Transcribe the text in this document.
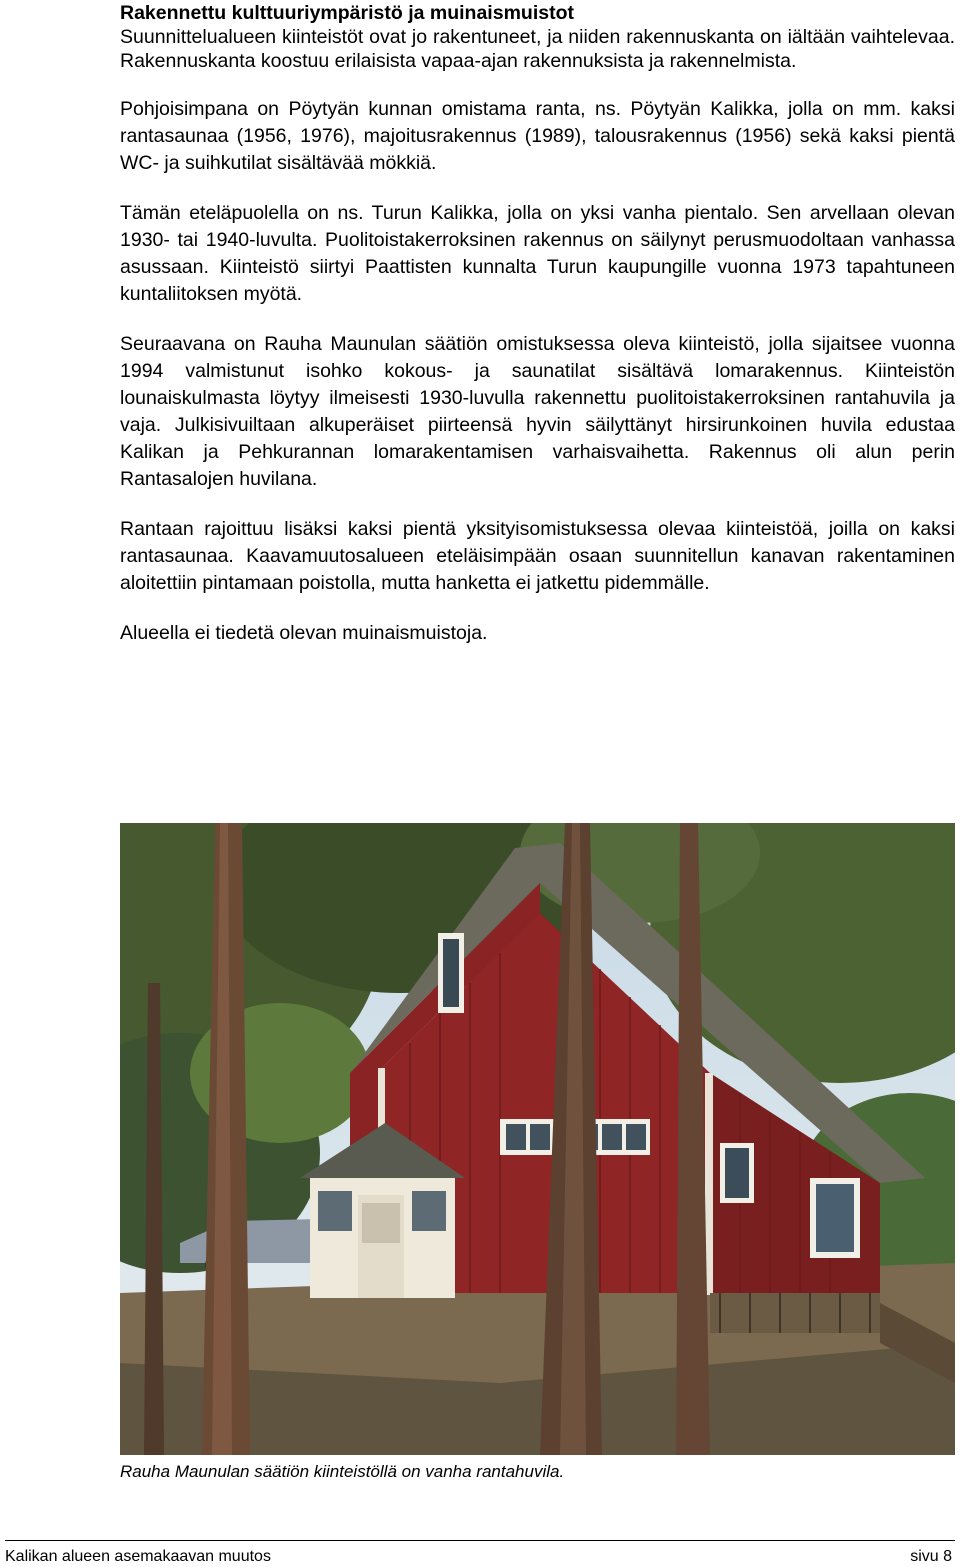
Rakennettu kulttuuriympäristö ja muinaismuistot

Suunnittelualueen kiinteistöt ovat jo rakentuneet, ja niiden rakennuskanta on iältään vaihtelevaa. Rakennuskanta koostuu erilaisista vapaa-ajan rakennuksista ja rakennelmista.

Pohjoisimpana on Pöytyän kunnan omistama ranta, ns. Pöytyän Kalikka, jolla on mm. kaksi rantasaunaa (1956, 1976), majoitusrakennus (1989), talousrakennus (1956) sekä kaksi pientä WC- ja suihkutilat sisältävää mökkiä.

Tämän eteläpuolella on ns. Turun Kalikka, jolla on yksi vanha pientalo. Sen arvellaan olevan 1930- tai 1940-luvulta. Puolitoistakerroksinen rakennus on säilynyt perusmuodoltaan vanhassa asussaan. Kiinteistö siirtyi Paattisten kunnalta Turun kaupungille vuonna 1973 tapahtuneen kuntaliitoksen myötä.

Seuraavana on Rauha Maunulan säätiön omistuksessa oleva kiinteistö, jolla sijaitsee vuonna 1994 valmistunut isohko kokous- ja saunatilat sisältävä lomarakennus. Kiinteistön lounaiskulmasta löytyy ilmeisesti 1930-luvulla rakennettu puolitoistakerroksinen rantahuvila ja vaja. Julkisivuiltaan alkuperäiset piirteensä hyvin säilyttänyt hirsirunkoinen huvila edustaa Kalikan ja Pehkurannan lomarakentamisen varhaisvaihetta. Rakennus oli alun perin Rantasalojen huvilana.

Rantaan rajoittuu lisäksi kaksi pientä yksityisomistuksessa olevaa kiinteistöä, joilla on kaksi rantasaunaa. Kaavamuutosalueen eteläisimpään osaan suunnitellun kanavan rakentaminen aloitettiin pintamaan poistolla, mutta hanketta ei jatkettu pidemmälle.

Alueella ei tiedetä olevan muinaismuistoja.

Rauha Maunulan säätiön kiinteistöllä on vanha rantahuvila.
Kalikan alueen asemakaavan muutos	sivu 8
